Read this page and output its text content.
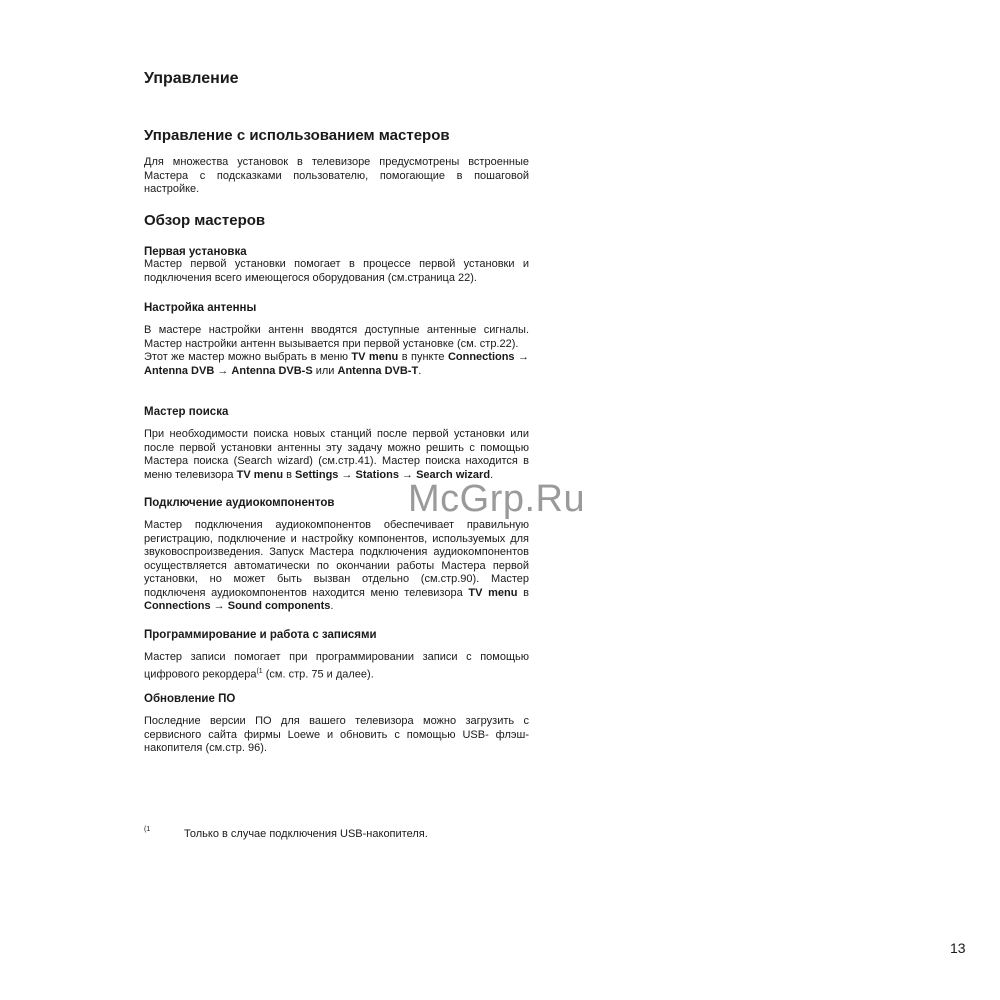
Управление
Управление с использованием мастеров

Для множества установок в телевизоре предусмотрены встроенные Мастера с подсказками пользователю, помогающие в пошаговой настройке.

Обзор мастеров
Первая установка

Мастер первой установки помогает в процессе первой установки и подключения всего имеющегося оборудования (см.страница 22).

Настройка антенны

В мастере настройки антенн вводятся доступные антенные сигналы. Мастер настройки антенн вызывается при первой установке (см. стр.22).

Этот же мастер можно выбрать в меню TV menu в пункте Connections → Antenna DVB → Antenna DVB-S или Antenna DVB-T.

Мастер поиска

При необходимости поиска новых станций после первой установки или после первой установки антенны эту задачу можно решить с помощью Мастера поиска (Search wizard) (см.стр.41). Мастер поиска находится в меню телевизора TV menu в Settings → Stations → Search wizard.

Подключение аудиокомпонентов

Мастер подключения аудиокомпонентов обеспечивает правильную регистрацию, подключение и настройку компонентов, используемых для звуковоспроизведения. Запуск Мастера подключения аудиокомпонентов осуществляется автоматически по окончании работы Мастера первой установки, но может быть вызван отдельно (см.стр.90). Мастер подключеня аудиокомпонентов находится меню телевизора TV menu в Connections → Sound components.

Программирование и работа с записями

Мастер записи помогает при программировании записи с помощью цифрового рекордера$^{(1}$ (см. стр. 75 и далее).

Обновление ПО

Последние версии ПО для вашего телевизора можно загрузить с сервисного сайта фирмы Loewe и обновить с помощью USB- флэш-накопителя (см.стр. 96).

McGrp.Ru
(1	Только в случае подключения USB-накопителя.
13
